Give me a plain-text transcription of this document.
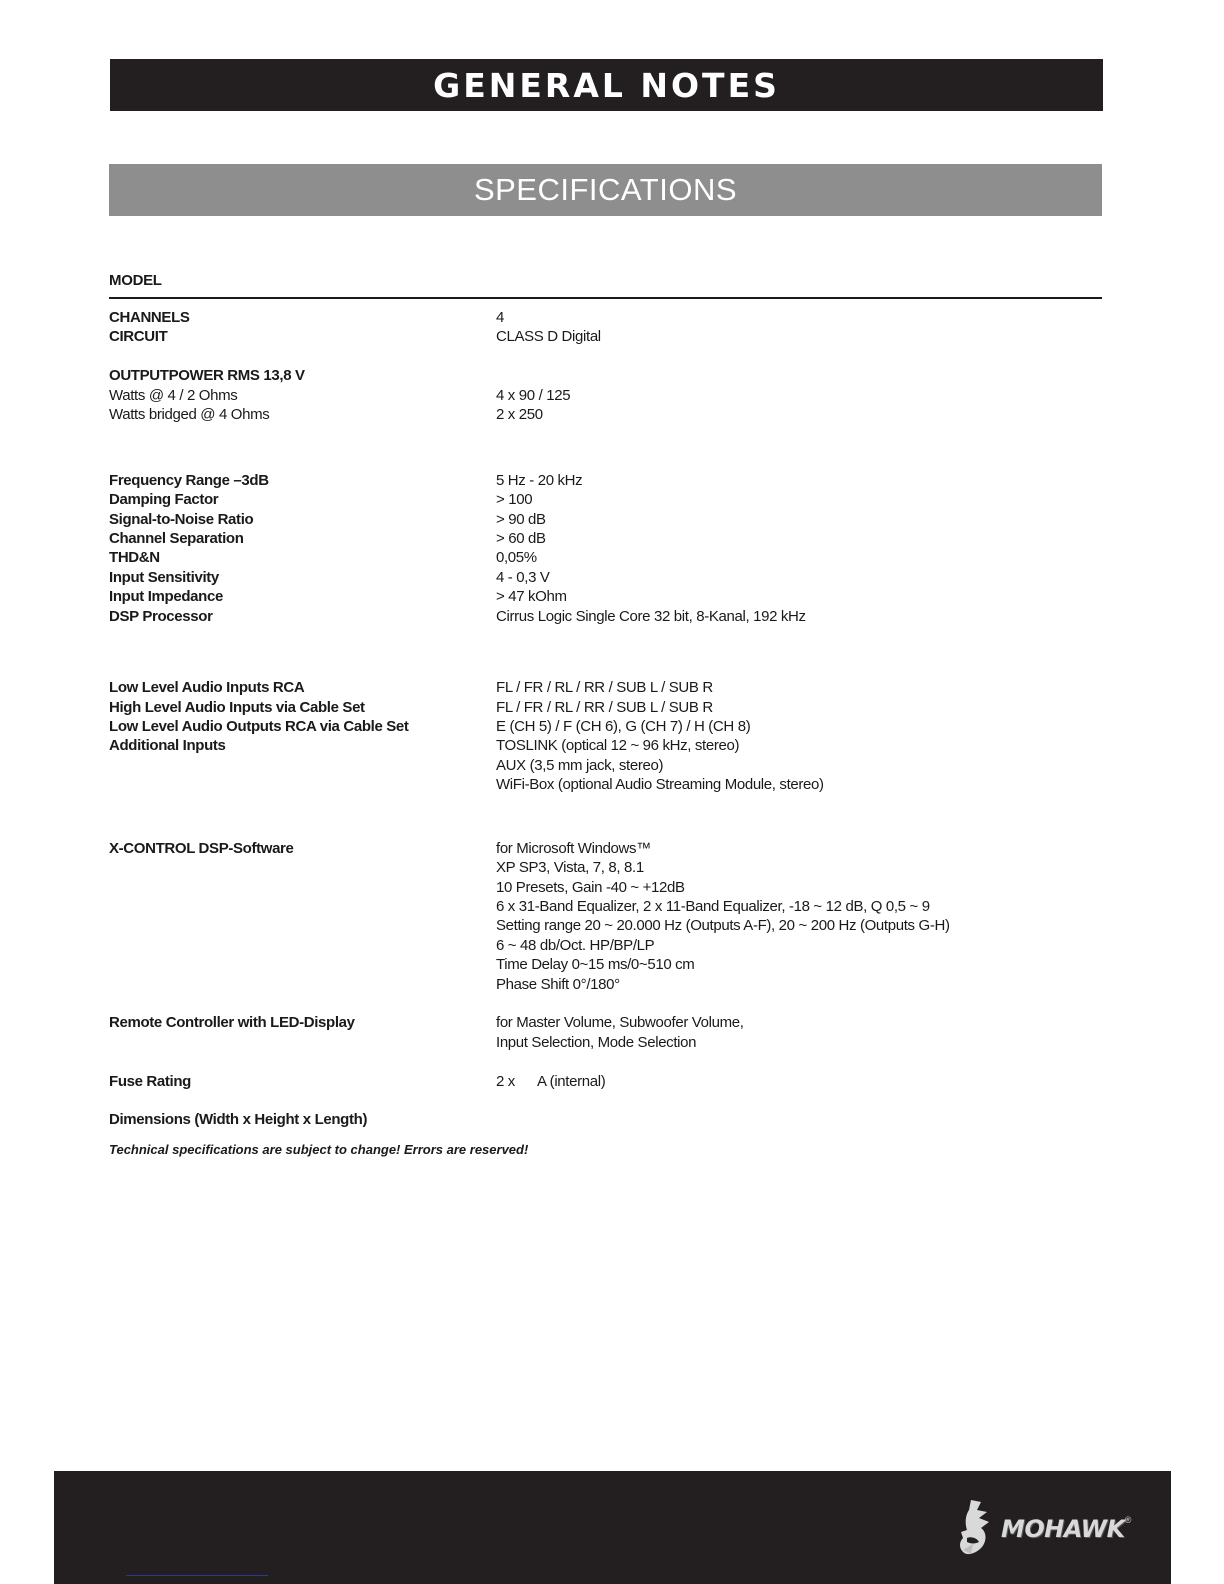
GENERAL NOTES
SPECIFICATIONS
MODEL
CHANNELS	4
CIRCUIT	CLASS D Digital
OUTPUTPOWER RMS 13,8 V
Watts @ 4 / 2 Ohms	4 x 90 / 125
Watts bridged @ 4 Ohms	2 x 250
Frequency Range –3dB	5 Hz - 20 kHz
Damping Factor	> 100
Signal-to-Noise Ratio	> 90 dB
Channel Separation	> 60 dB
THD&N	0,05%
Input Sensitivity	4 - 0,3 V
Input Impedance	> 47 kOhm
DSP Processor	Cirrus Logic Single Core 32 bit, 8-Kanal, 192 kHz
Low Level Audio Inputs RCA	FL / FR / RL / RR / SUB L / SUB R
High Level Audio Inputs via Cable Set	FL / FR / RL / RR / SUB L / SUB R
Low Level Audio Outputs RCA via Cable Set	E (CH 5) / F (CH 6), G (CH 7) / H (CH 8)
Additional Inputs	TOSLINK (optical 12 ~ 96 kHz, stereo)
AUX (3,5 mm jack, stereo)
WiFi-Box (optional Audio Streaming Module, stereo)
X-CONTROL DSP-Software	for Microsoft Windows™
XP SP3, Vista, 7, 8, 8.1
10 Presets, Gain -40 ~ +12dB
6 x 31-Band Equalizer, 2 x 11-Band Equalizer, -18 ~ 12 dB, Q 0,5 ~ 9
Setting range 20 ~ 20.000 Hz (Outputs A-F), 20 ~ 200 Hz (Outputs G-H)
6 ~ 48 db/Oct. HP/BP/LP
Time Delay 0~15 ms/0~510 cm
Phase Shift 0°/180°
Remote Controller with LED-Display	for Master Volume, Subwoofer Volume,
Input Selection, Mode Selection
Fuse Rating	2 x      A (internal)
Dimensions (Width x Height x Length)
Technical specifications are subject to change! Errors are reserved!
MOHAWK ®
